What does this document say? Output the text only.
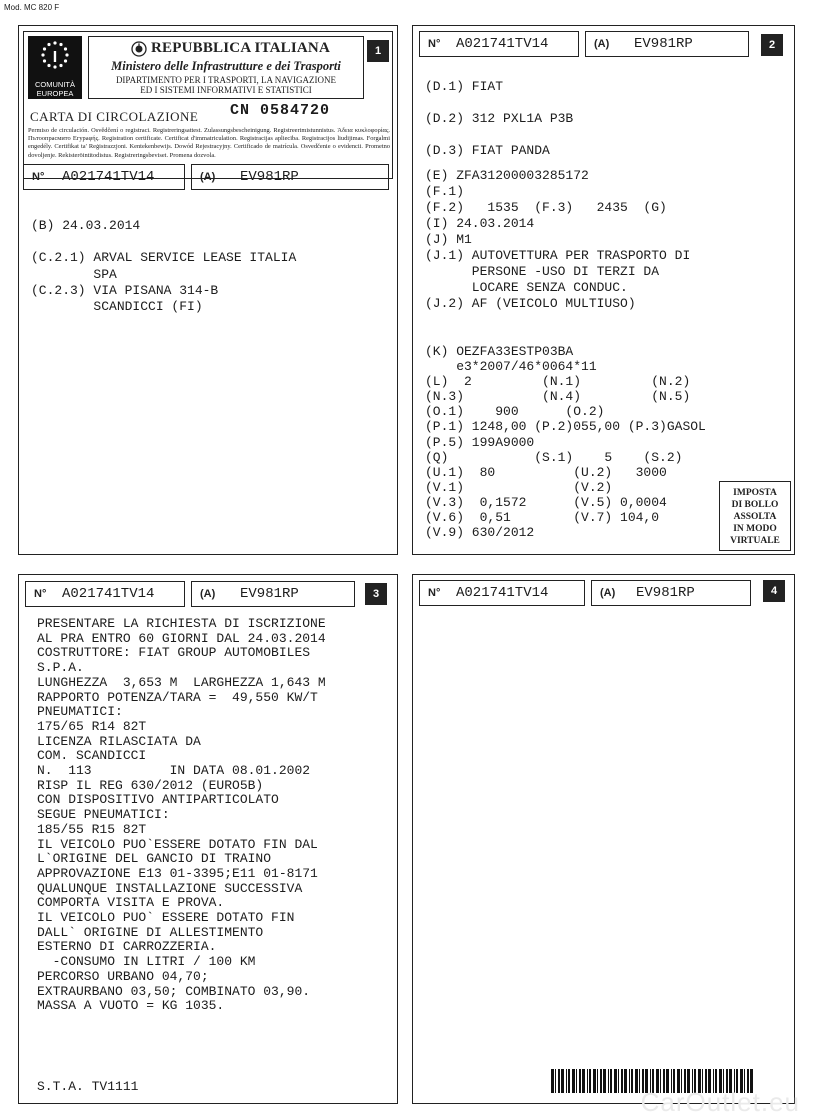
Mod. MC 820 F
I
COMUNITÀ
EUROPEA
REPUBBLICA ITALIANA
Ministero delle Infrastrutture e dei Trasporti
DIPARTIMENTO PER I TRASPORTI, LA NAVIGAZIONE
ED I SISTEMI INFORMATIVI E STATISTICI
1
CARTA DI CIRCOLAZIONE CN 0584720
Permiso de circulación. Osvědčení o registraci. Registreringsattest. Zulassungsbescheinigung. Registreerimistunnistus. Άδεια κυκλοφορίας. Пътоопрасмито Егураφής. Registration certificate. Certificat d'immatriculation. Registracijas apliecība. Registracijos liudijimas. Forgalmi engedély. Certifikat ta' Reġistrazzjoni. Kentekenbewijs. Dowód Rejestracyjny. Certificado de matrícula. Osvedčenie o evidencii. Prometno dovoljenje. Rekisteröintitodistus. Registreringsbeviset. Promena dozvola.
N° A021741TV14	(A) EV981RP
(B) 24.03.2014
(C.2.1) ARVAL SERVICE LEASE ITALIA
SPA
(C.2.3) VIA PISANA 314-B
SCANDICCI (FI)
N° A021741TV14	(A) EV981RP	2
(D.1) FIAT
(D.2) 312 PXL1A P3B
(D.3) FIAT PANDA
(E) ZFA31200003285172
(F.1)
(F.2)   1535  (F.3)   2435  (G)
(I) 24.03.2014
(J) M1
(J.1) AUTOVETTURA PER TRASPORTO DI
PERSONE -USO DI TERZI DA
LOCARE SENZA CONDUC.
(J.2) AF (VEICOLO MULTIUSO)
(K) OEZFA33ESTP03BA
e3*2007/46*0064*11
(L)  2         (N.1)         (N.2)
(N.3)          (N.4)         (N.5)
(O.1)    900      (O.2)
(P.1) 1248,00 (P.2)055,00 (P.3)GASOL
(P.5) 199A9000
(Q)           (S.1)    5    (S.2)
(U.1)  80          (U.2)   3000
(V.1)              (V.2)
(V.3)  0,1572      (V.5) 0,0004
(V.6)  0,51        (V.7) 104,0
(V.9) 630/2012
IMPOSTA
DI BOLLO
ASSOLTA
IN MODO
VIRTUALE
N° A021741TV14	(A) EV981RP	3
PRESENTARE LA RICHIESTA DI ISCRIZIONE
AL PRA ENTRO 60 GIORNI DAL 24.03.2014
COSTRUTTORE: FIAT GROUP AUTOMOBILES
S.P.A.
LUNGHEZZA  3,653 M  LARGHEZZA 1,643 M
RAPPORTO POTENZA/TARA =  49,550 KW/T
PNEUMATICI:
175/65 R14 82T
LICENZA RILASCIATA DA
COM. SCANDICCI
N.  113          IN DATA 08.01.2002
RISP IL REG 630/2012 (EURO5B)
CON DISPOSITIVO ANTIPARTICOLATO
SEGUE PNEUMATICI:
185/55 R15 82T
IL VEICOLO PUO`ESSERE DOTATO FIN DAL
L`ORIGINE DEL GANCIO DI TRAINO
APPROVAZIONE E13 01-3395;E11 01-8171
QUALUNQUE INSTALLAZIONE SUCCESSIVA
COMPORTA VISITA E PROVA.
IL VEICOLO PUO` ESSERE DOTATO FIN
DALL` ORIGINE DI ALLESTIMENTO
ESTERNO DI CARROZZERIA.
-CONSUMO IN LITRI / 100 KM
PERCORSO URBANO 04,70;
EXTRAURBANO 03,50; COMBINATO 03,90.
MASSA A VUOTO = KG 1035.
S.T.A. TV1111
N° A021741TV14	(A) EV981RP	4
CarOutlet.eu
